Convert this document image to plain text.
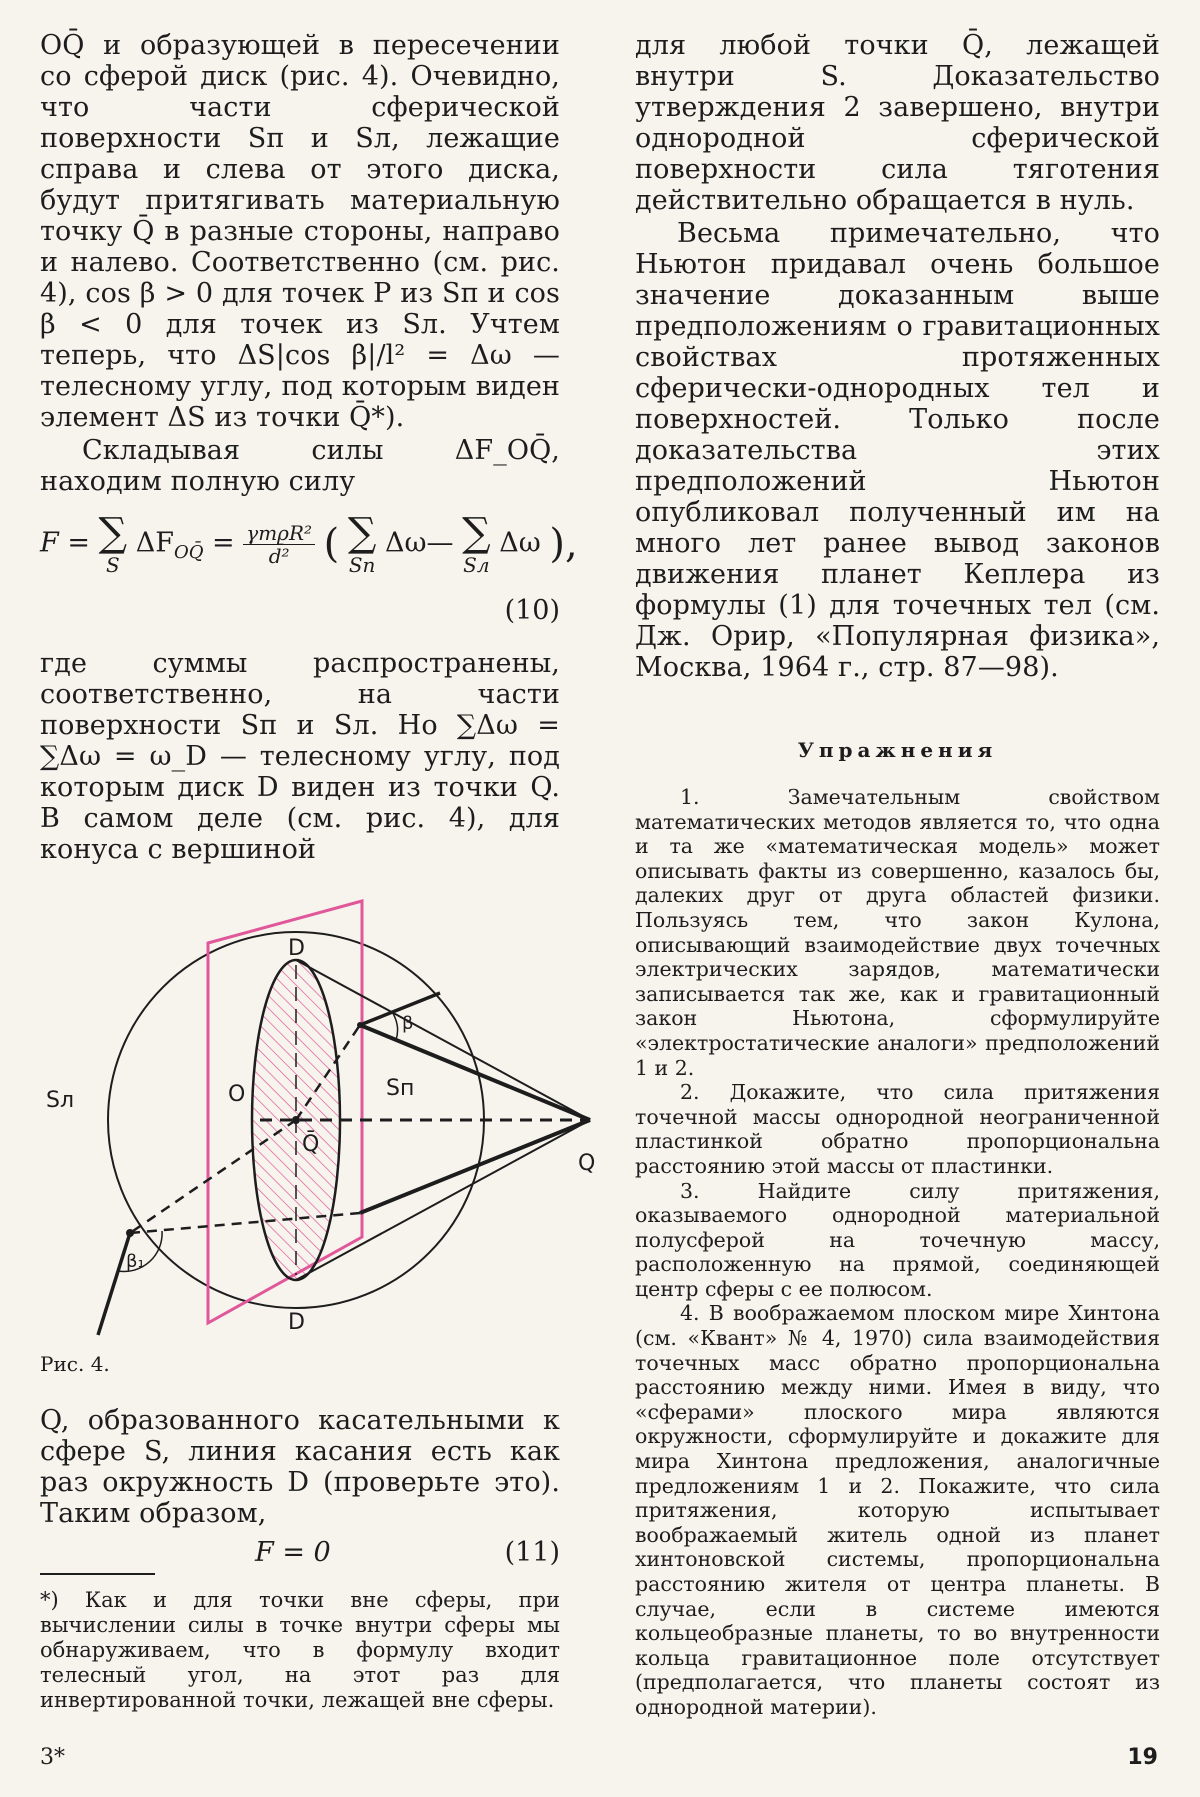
OQ̄ и образующей в пересечении со сферой диск (рис. 4). Очевидно, что части сферической поверхности Sп и Sл, лежащие справа и слева от этого диска, будут притягивать материальную точку Q̄ в разные стороны, направо и налево. Соответственно (см. рис. 4), cos β > 0 для точек P из Sп и cos β < 0 для точек из Sл. Учтем теперь, что ΔS|cos β|/l² = Δω — телесному углу, под которым виден элемент ΔS из точки Q̄*).

Складывая силы ΔF_OQ̄, находим полную силу

F = ∑
S
$\Delta F_{OQ̄} = \frac{\text{γmρR²}}{\text{d̄²}}$ ( ∑
Sп
Δω— ∑
Sл
Δω ),
(10)

где суммы распространены, соответственно, на части поверхности Sп и Sл. Но ∑Δω = ∑Δω = ω_D — телесному углу, под которым диск D виден из точки Q. В самом деле (см. рис. 4), для конуса с вершиной

D
D
O
Q̄
Q
Sл	Sп
β
β₁
Рис. 4.

Q, образованного касательными к сфере S, линия касания есть как раз окружность D (проверьте это). Таким образом,

F = 0	(11)
*) Как и для точки вне сферы, при вычислении силы в точке внутри сферы мы обнаруживаем, что в формулу входит телесный угол, на этот раз для инвертированной точки, лежащей вне сферы.
3*

для любой точки Q̄, лежащей внутри S. Доказательство утверждения 2 завершено, внутри однородной сферической поверхности сила тяготения действительно обращается в нуль.

Весьма примечательно, что Ньютон придавал очень большое значение доказанным выше предположениям о гравитационных свойствах протяженных сферически-однородных тел и поверхностей. Только после доказательства этих предположений Ньютон опубликовал полученный им на много лет ранее вывод законов движения планет Кеплера из формулы (1) для точечных тел (см. Дж. Орир, «Популярная физика», Москва, 1964 г., стр. 87—98).

Упражнения

1. Замечательным свойством математических методов является то, что одна и та же «математическая модель» может описывать факты из совершенно, казалось бы, далеких друг от друга областей физики. Пользуясь тем, что закон Кулона, описывающий взаимодействие двух точечных электрических зарядов, математически записывается так же, как и гравитационный закон Ньютона, сформулируйте «электростатические аналоги» предположений 1 и 2.

2. Докажите, что сила притяжения точечной массы однородной неограниченной пластинкой обратно пропорциональна расстоянию этой массы от пластинки.

3. Найдите силу притяжения, оказываемого однородной материальной полусферой на точечную массу, расположенную на прямой, соединяющей центр сферы с ее полюсом.

4. В воображаемом плоском мире Хинтона (см. «Квант» № 4, 1970) сила взаимодействия точечных масс обратно пропорциональна расстоянию между ними. Имея в виду, что «сферами» плоского мира являются окружности, сформулируйте и докажите для мира Хинтона предложения, аналогичные предложениям 1 и 2. Покажите, что сила притяжения, которую испытывает воображаемый житель одной из планет хинтоновской системы, пропорциональна расстоянию жителя от центра планеты. В случае, если в системе имеются кольцеобразные планеты, то во внутренности кольца гравитационное поле отсутствует (предполагается, что планеты состоят из однородной материи).

19
